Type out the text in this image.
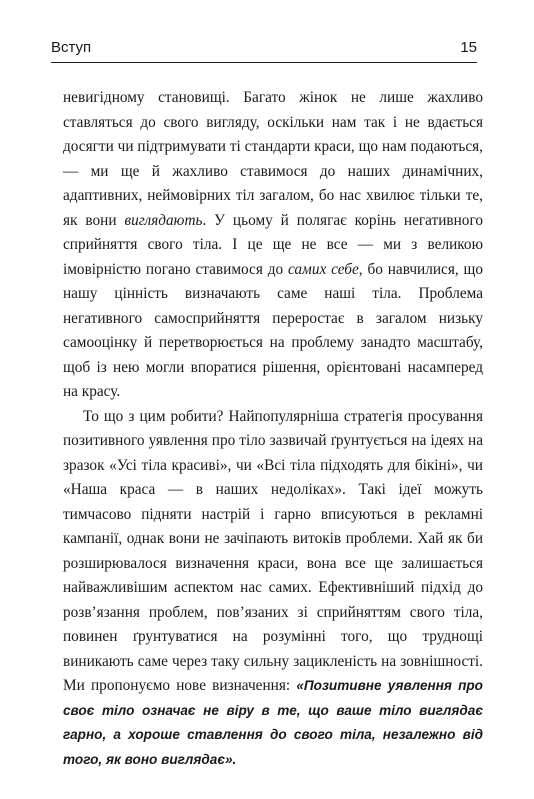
Вступ	15

невигідному становищі. Багато жінок не лише жахливо ставляться до свого вигляду, оскільки нам так і не вдається досягти чи підтримувати ті стандарти краси, що нам подаються, — ми ще й жахливо ставимося до наших динамічних, адаптивних, неймовірних тіл загалом, бо нас хвилює тільки те, як вони виглядають. У цьому й полягає корінь негативного сприйняття свого тіла. І це ще не все — ми з великою імовірністю погано ставимося до самих себе, бо навчилися, що нашу цінність визначають саме наші тіла. Проблема негативного самосприйняття переростає в загалом низьку самооцінку й перетворюється на проблему занадто масштабу, щоб із нею могли впоратися рішення, орієнтовані насамперед на красу.

То що з цим робити? Найпопулярніша стратегія просування позитивного уявлення про тіло зазвичай ґрунтується на ідеях на зразок «Усі тіла красиві», чи «Всі тіла підходять для бікіні», чи «Наша краса — в наших недоліках». Такі ідеї можуть тимчасово підняти настрій і гарно вписуються в рекламні кампанії, однак вони не зачіпають витоків проблеми. Хай як би розширювалося визначення краси, вона все ще залишається найважливішим аспектом нас самих. Ефективніший підхід до розв’язання проблем, пов’язаних зі сприйняттям свого тіла, повинен ґрунтуватися на розумінні того, що труднощі виникають саме через таку сильну зацикленість на зовнішності. Ми пропонуємо нове визначення: «Позитивне уявлення про своє тіло означає не віру в те, що ваше тіло виглядає гарно, а хороше ставлення до свого тіла, незалежно від того, як воно виглядає».
